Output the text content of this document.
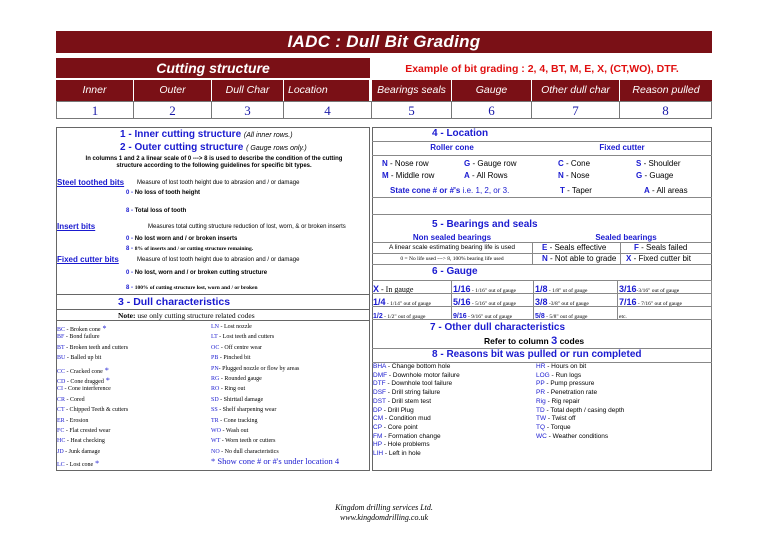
IADC : Dull Bit Grading
Cutting structure	Example of bit grading : 2, 4, BT, M, E, X, (CT,WO), DTF.
Inner	Outer	Dull Char	Location	Bearings seals	Gauge	Other dull char	Reason pulled
1	2	3	4	5	6	7	8
1 - Inner cutting structure (All inner rows.)
2 - Outer cutting structure ( Gauge rows only.)
In columns 1 and 2 a linear scale of 0 ---> 8 is used to describe the condition of the cutting
structure according to the following guidelines for specific bit types.
Steel toothed bits Measure of lost tooth height due to abrasion and / or damage
0 - No loss of tooth height
8 - Total loss of tooth
Insert bits	Measures total cutting structure reduction of lost, worn, & or broken inserts
0 - No lost worn and / or broken inserts
8 - 8% of inserts and / or cutting structure remaining.
Fixed cutter bits	Measure of lost tooth height due to abrasion and / or damage
0 - No lost, worn and / or broken cutting structure
8 - 100% of cutting structure lost, worn and / or broken
3 - Dull characteristics
Note: use only cutting structure related codes
BC - Broken cone *
BF - Bond failure
BT - Broken teeth and cutters
BU - Balled up bit
CC - Cracked cone *
CD - Cone dragged *
CI - Cone interference
CR - Cored
CT - Chipped Teeth & cutters
ER - Erosion
FC - Flat crested wear
HC - Heat checking
JD - Junk damage
LC - Lost cone *
LN - Lost nozzle
LT - Lost teeth and cutters
OC - Off centre wear
PB - Pinched bit
PN- Plugged nozzle or flow by areas
RG - Rounded gauge
RO - Ring out
SD - Shirttail damage
SS - Shelf sharpening wear
TR - Cone tracking
WO - Wash out
WT - Worn teeth or cutters
NO - No dull characteristics
* Show cone # or #'s under location 4
4 - Location
Roller cone	Fixed cutter
N - Nose row	G - Gauge row	C - Cone	S - Shoulder
M - Middle row	A - All Rows	N - Nose	G - Guage
State cone # or #'s i.e. 1, 2, or 3.	T - Taper	A - All areas
5 - Bearings and seals
Non sealed bearings	Sealed bearings
A linear scale estimating bearing life is used	E - Seals effective	F - Seals failed
0 = No life used ---> 8, 100% bearing life used	N - Not able to grade X - Fixed cutter bit
6 - Gauge
X - In gauge	1/16 - 1/16" out of gauge	1/8 - 1/8" ut of gauge	3/16-3/16" out of gauge
1/4 - 1/14" out of gauge	5/16 - 5/16" out of gauge	3/8 -3/8" out of gauge	7/16 - 7/16" out of gauge
1/2 - 1/2" out of gauge	9/16 - 9/16" out of gauge	5/8 - 5/8" out of gauge	etc.
7 - Other dull characteristics
Refer to column 3 codes
8 - Reasons bit was pulled or run completed
BHA - Change bottom hole
DMF - Downhole motor failure
DTF - Downhole tool failure
DSF - Drill string failure
DST - Drill stem test
DP - Drill Plug
CM - Condition mud
CP - Core point
FM - Formation change
HP - Hole problems
LIH - Left in hole
HR - Hours on bit
LOG - Run logs
PP - Pump pressure
PR - Penetration rate
Rig - Rig repair
TD - Total depth / casing depth
TW - Twist off
TQ - Torque
WC - Weather conditions
Kingdom drilling services Ltd.
www.kingdomdrilling.co.uk
